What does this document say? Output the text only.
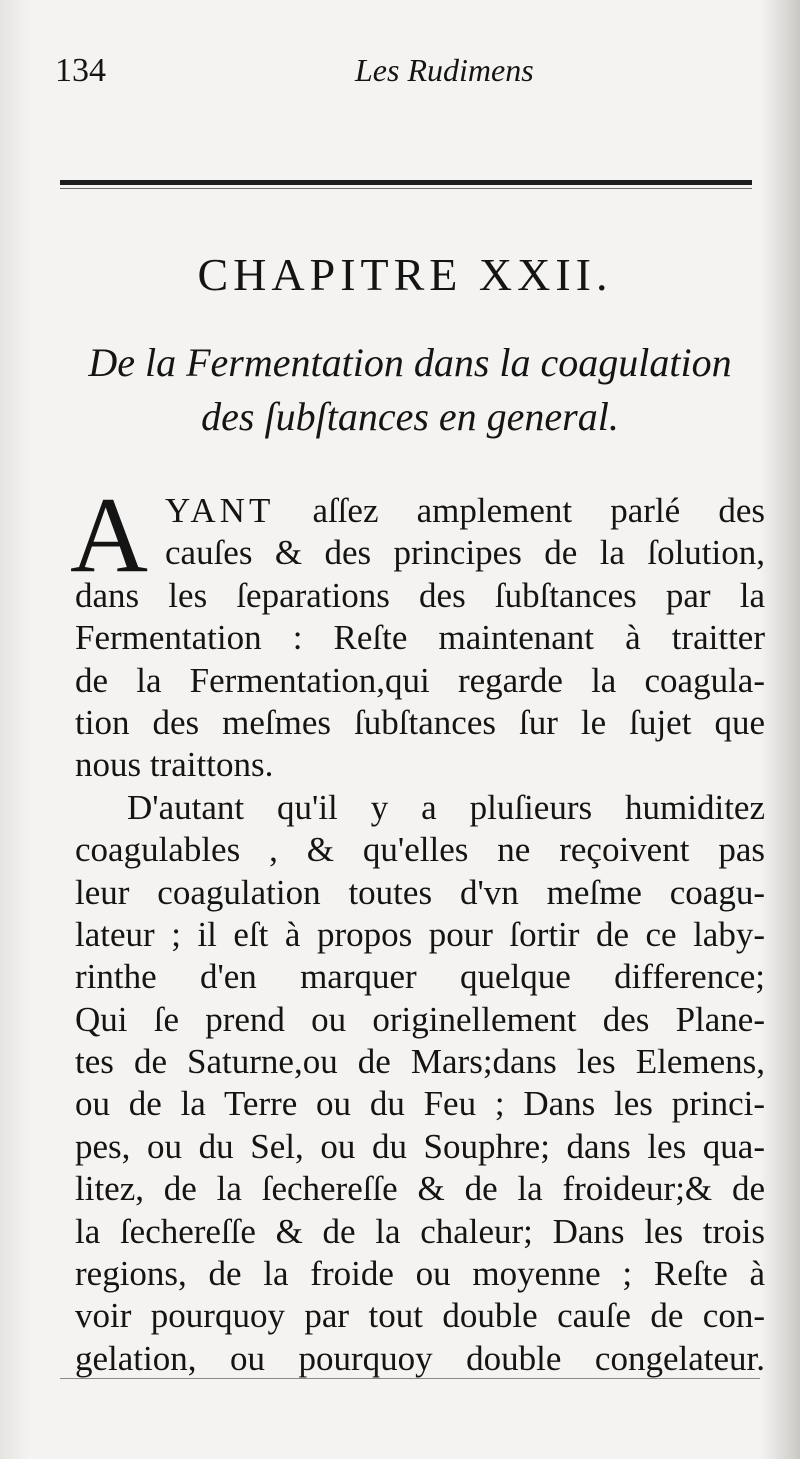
134	Les Rudimens
CHAPITRE XXII.
De la Fermentation dans la coagulation
des ſubſtances en general.
A YANT aſſez amplement parlé des
cauſes & des principes de la ſolution,
dans les ſeparations des ſubſtances par la
Fermentation : Reſte maintenant à traitter
de la Fermentation,qui regarde la coagula-
tion des meſmes ſubſtances ſur le ſujet que
nous traittons.
D'autant qu'il y a pluſieurs humiditez
coagulables , & qu'elles ne reçoivent pas
leur coagulation toutes d'vn meſme coagu-
lateur ; il eſt à propos pour ſortir de ce laby-
rinthe d'en marquer quelque difference;
Qui ſe prend ou originellement des Plane-
tes de Saturne,ou de Mars;dans les Elemens,
ou de la Terre ou du Feu ; Dans les princi-
pes, ou du Sel, ou du Souphre; dans les qua-
litez, de la ſechereſſe & de la froideur;& de
la ſechereſſe & de la chaleur; Dans les trois
regions, de la froide ou moyenne ; Reſte à
voir pourquoy par tout double cauſe de con-
gelation, ou pourquoy double congelateur.
